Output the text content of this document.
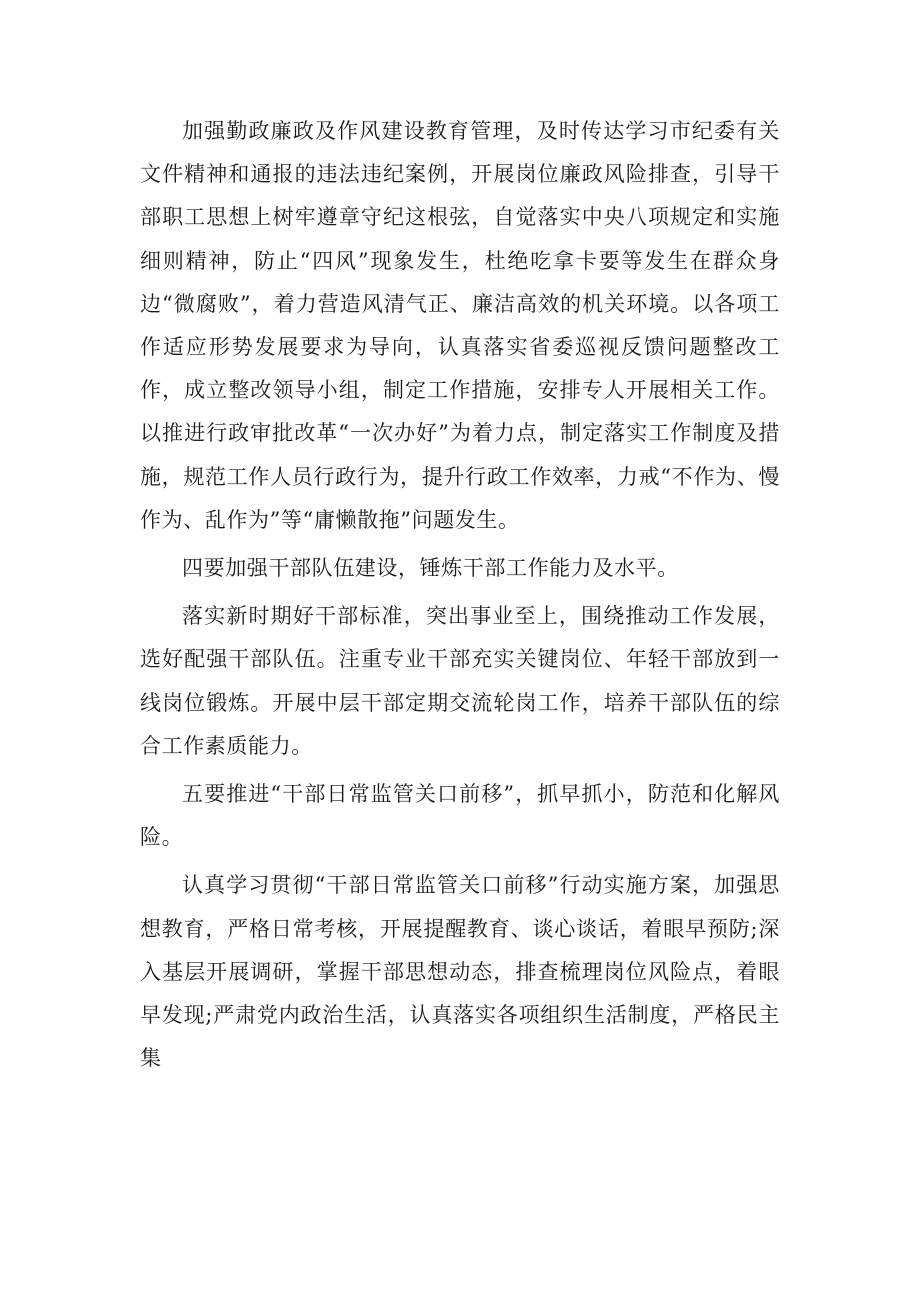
加强勤政廉政及作风建设教育管理，及时传达学习市纪委有关文件精神和通报的违法违纪案例，开展岗位廉政风险排查，引导干部职工思想上树牢遵章守纪这根弦，自觉落实中央八项规定和实施细则精神，防止“四风”现象发生，杜绝吃拿卡要等发生在群众身边“微腐败”，着力营造风清气正、廉洁高效的机关环境。以各项工作适应形势发展要求为导向，认真落实省委巡视反馈问题整改工作，成立整改领导小组，制定工作措施，安排专人开展相关工作。以推进行政审批改革“一次办好”为着力点，制定落实工作制度及措施，规范工作人员行政行为，提升行政工作效率，力戒“不作为、慢作为、乱作为”等“庸懒散拖”问题发生。

四要加强干部队伍建设，锤炼干部工作能力及水平。

落实新时期好干部标准，突出事业至上，围绕推动工作发展，选好配强干部队伍。注重专业干部充实关键岗位、年轻干部放到一线岗位锻炼。开展中层干部定期交流轮岗工作，培养干部队伍的综合工作素质能力。

五要推进“干部日常监管关口前移”，抓早抓小，防范和化解风险。

认真学习贯彻“干部日常监管关口前移”行动实施方案，加强思想教育，严格日常考核，开展提醒教育、谈心谈话，着眼早预防;深入基层开展调研，掌握干部思想动态，排查梳理岗位风险点，着眼早发现;严肃党内政治生活，认真落实各项组织生活制度，严格民主集
